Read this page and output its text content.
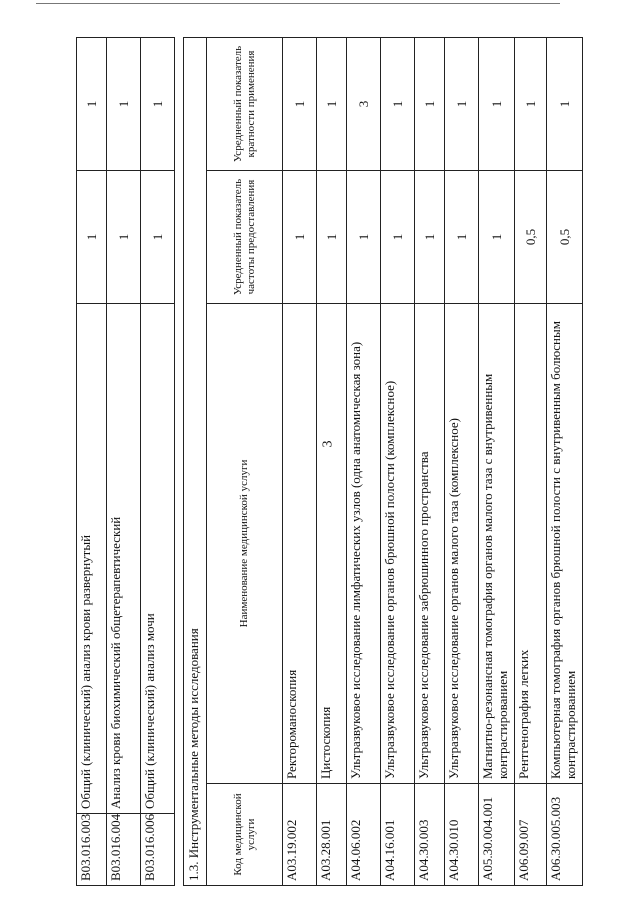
3
B03.016.003	Общий (клинический) анализ крови развернутый	1	1
B03.016.004	Анализ крови биохимический общетерапевтический	1	1
B03.016.006	Общий (клинический) анализ мочи	1	1
1.3. Инструментальные методы исследования			
Код медицинской услуги	Наименование медицинской услуги	Усредненный показатель частоты предоставления	Усредненный показатель кратности применения
A03.19.002	Ректороманоскопия	1	1
A03.28.001	Цистоскопия	1	1
A04.06.002	Ультразвуковое исследование лимфатических узлов (одна анатомическая зона)	1	3
A04.16.001	Ультразвуковое исследование органов брюшной полости (комплексное)	1	1
A04.30.003	Ультразвуковое исследование забрюшинного пространства	1	1
A04.30.010	Ультразвуковое исследование органов малого таза (комплексное)	1	1
A05.30.004.001	Магнитно-резонансная томография органов малого таза с внутривенным контрастированием	1	1
A06.09.007	Рентгенография легких	0,5	1
A06.30.005.003	Компьютерная томография органов брюшной полости с внутривенным болюсным контрастированием	0,5	1
